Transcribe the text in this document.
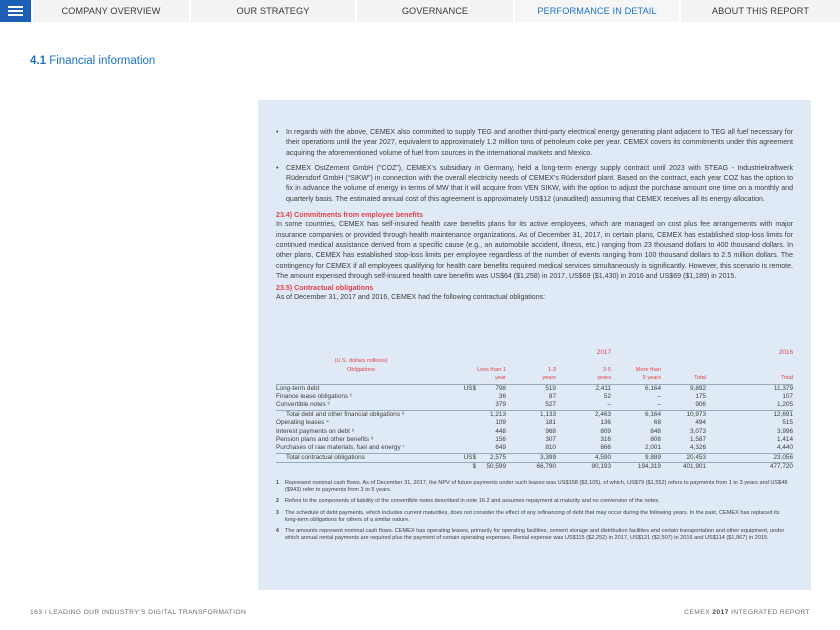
COMPANY OVERVIEW	OUR STRATEGY	GOVERNANCE	PERFORMANCE IN DETAIL	ABOUT THIS REPORT
4.1 Financial information
• In regards with the above, CEMEX also committed to supply TEG and another third-party electrical energy generating plant adjacent to TEG all fuel necessary for their operations until the year 2027, equivalent to approximately 1.2 million tons of petroleum coke per year. CEMEX covers its commitments under this agreement acquiring the aforementioned volume of fuel from sources in the international markets and Mexico.
• CEMEX OstZement GmbH (“COZ”), CEMEX’s subsidiary in Germany, held a long-term energy supply contract until 2023 with STEAG - Industriekraftwerk Rüdersdorf GmbH (“SIKW”) in connection with the overall electricity needs of CEMEX’s Rüdersdorf plant. Based on the contract, each year COZ has the option to fix in advance the volume of energy in terms of MW that it will acquire from VEN SIKW, with the option to adjust the purchase amount one time on a monthly and quarterly basis. The estimated annual cost of this agreement is approximately US$12 (unaudited) assuming that CEMEX receives all its energy allocation.
23.4) Commitments from employee benefits
In some countries, CEMEX has self-insured health care benefits plans for its active employees, which are managed on cost plus fee arrangements with major insurance companies or provided through health maintenance organizations. As of December 31, 2017, in certain plans, CEMEX has established stop-loss limits for continued medical assistance derived from a specific cause (e.g., an automobile accident, illness, etc.) ranging from 23 thousand dollars to 400 thousand dollars. In other plans, CEMEX has established stop-loss limits per employee regardless of the number of events ranging from 100 thousand dollars to 2.5 million dollars. The contingency for CEMEX if all employees qualifying for health care benefits required medical services simultaneously is significantly. However, this scenario is remote. The amount expensed through self-insured health care benefits was US$64 ($1,258) in 2017, US$69 ($1,430) in 2016 and US$69 ($1,189) in 2015.
23.5) Contractual obligations
As of December 31, 2017 and 2016, CEMEX had the following contractual obligations:
				2017				2016

(U.S. dollars millions)
Obligations		Less than 1	1-3	3-5	More than			

		year	years	years	5 years	Total		Total

Long-term debt	US$	798	519	2,411	6,164	9,892		11,379
Finance lease obligations ¹		36	87	52	–	175		107
Convertible notes ²		379	527	–	–	906		1,205
Total debt and other financial obligations ³		1,213	1,133	2,463	6,164	10,973		12,691
Operating leases ⁴		109	181	136	68	494		515
Interest payments on debt ⁵		448	968	809	848	3,073		3,996
Pension plans and other benefits ⁶		156	307	316	808	1,587		1,414
Purchases of raw materials, fuel and energy ⁷		649	810	866	2,001	4,326		4,440
Total contractual obligations	US$	2,575	3,399	4,590	9,889	20,453		23,056
	$	50,599	66,790	90,193	194,319	401,901		477,720
1 Represent nominal cash flows. As of December 31, 2017, the NPV of future payments under such leases was US$158 ($3,105), of which, US$79 ($1,552) refers to payments from 1 to 3 years and US$48 ($943) refer to payments from 3 to 5 years.
2 Refers to the components of liability of the convertible notes described in note 16.2 and assumes repayment at maturity and no conversion of the notes.
3 The schedule of debt payments, which includes current maturities, does not consider the effect of any refinancing of debt that may occur during the following years. In the past, CEMEX has replaced its long-term obligations for others of a similar nature.
4 The amounts represent nominal cash flows. CEMEX has operating leases, primarily for operating facilities, cement storage and distribution facilities and certain transportation and other equipment, under which annual rental payments are required plus the payment of certain operating expenses. Rental expense was US$115 ($2,252) in 2017, US$121 ($2,507) in 2016 and US$114 ($1,967) in 2015.
163 / LEADING OUR INDUSTRY’S DIGITAL TRANSFORMATION	CEMEX 2017 INTEGRATED REPORT
